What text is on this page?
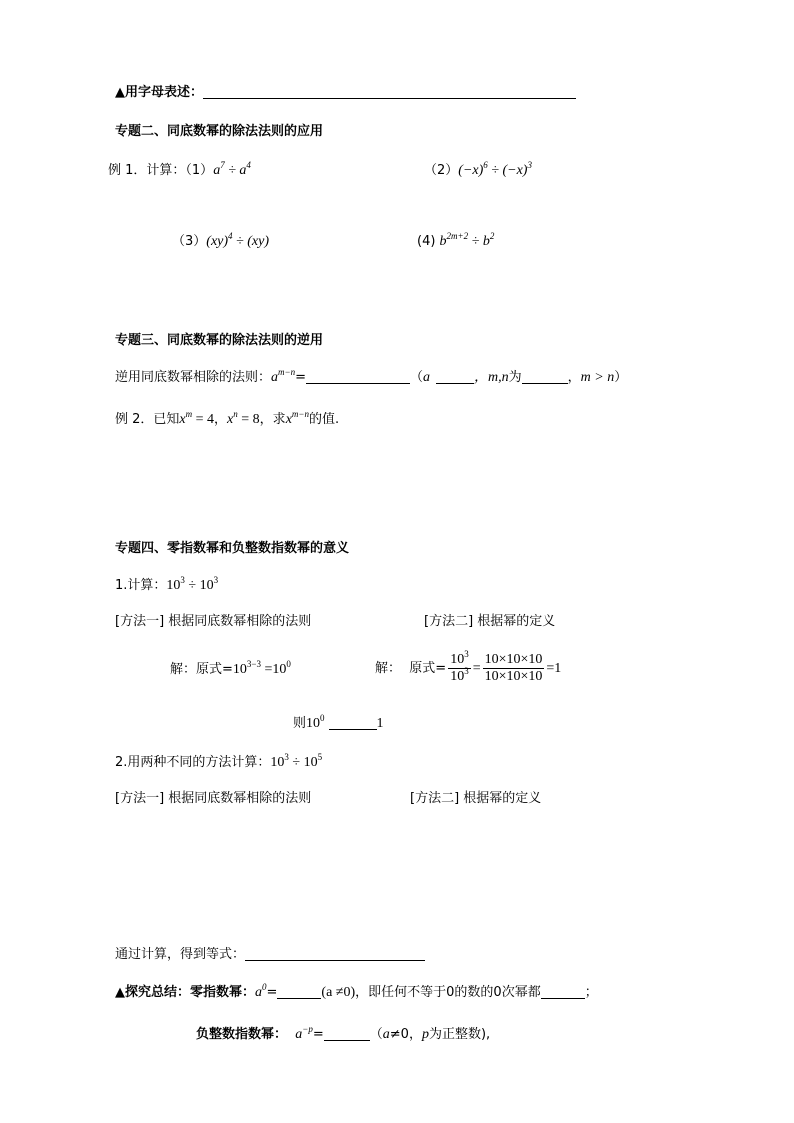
▲用字母表述：
专题二、同底数幂的除法法则的应用
例 1．计算：$(1)a^7 \div a^4$	$(2)(-x)^6 \div (-x)^3$
（3）(xy)$^4$ ÷ (xy)	(4) $b^{2m+2} \div b^2$
专题三、同底数幂的除法法则的逆用
逆用同底数幂相除的法则：$a^{m-n}=$	（a	，m,n为	，m > n）
例 2．已知$x^m = 4$，$x^n = 8$，求$x^{m-n}$的值.
专题四、零指数幂和负整数指数幂的意义
1.计算：$10^3 \div 10^3$
[方法一] 根据同底数幂相除的法则	[方法二] 根据幂的定义
解：原式$=10^{3-3} =10^0$	解： 原式= $\frac{10^3}{10^3} = \frac{10\times 10\times 10}{10\times 10\times 10} =1$
则$10^0$	1
2.用两种不同的方法计算：$10^3 \div 10^5$
[方法一] 根据同底数幂相除的法则	[方法二] 根据幂的定义
通过计算，得到等式：
▲探究总结：零指数幂：$a^0=$	(a ≠0)，即任何不等于0的数的0次幂都	；
负整数指数幂： $a^{-p}=$	（a≠0，p为正整数),
